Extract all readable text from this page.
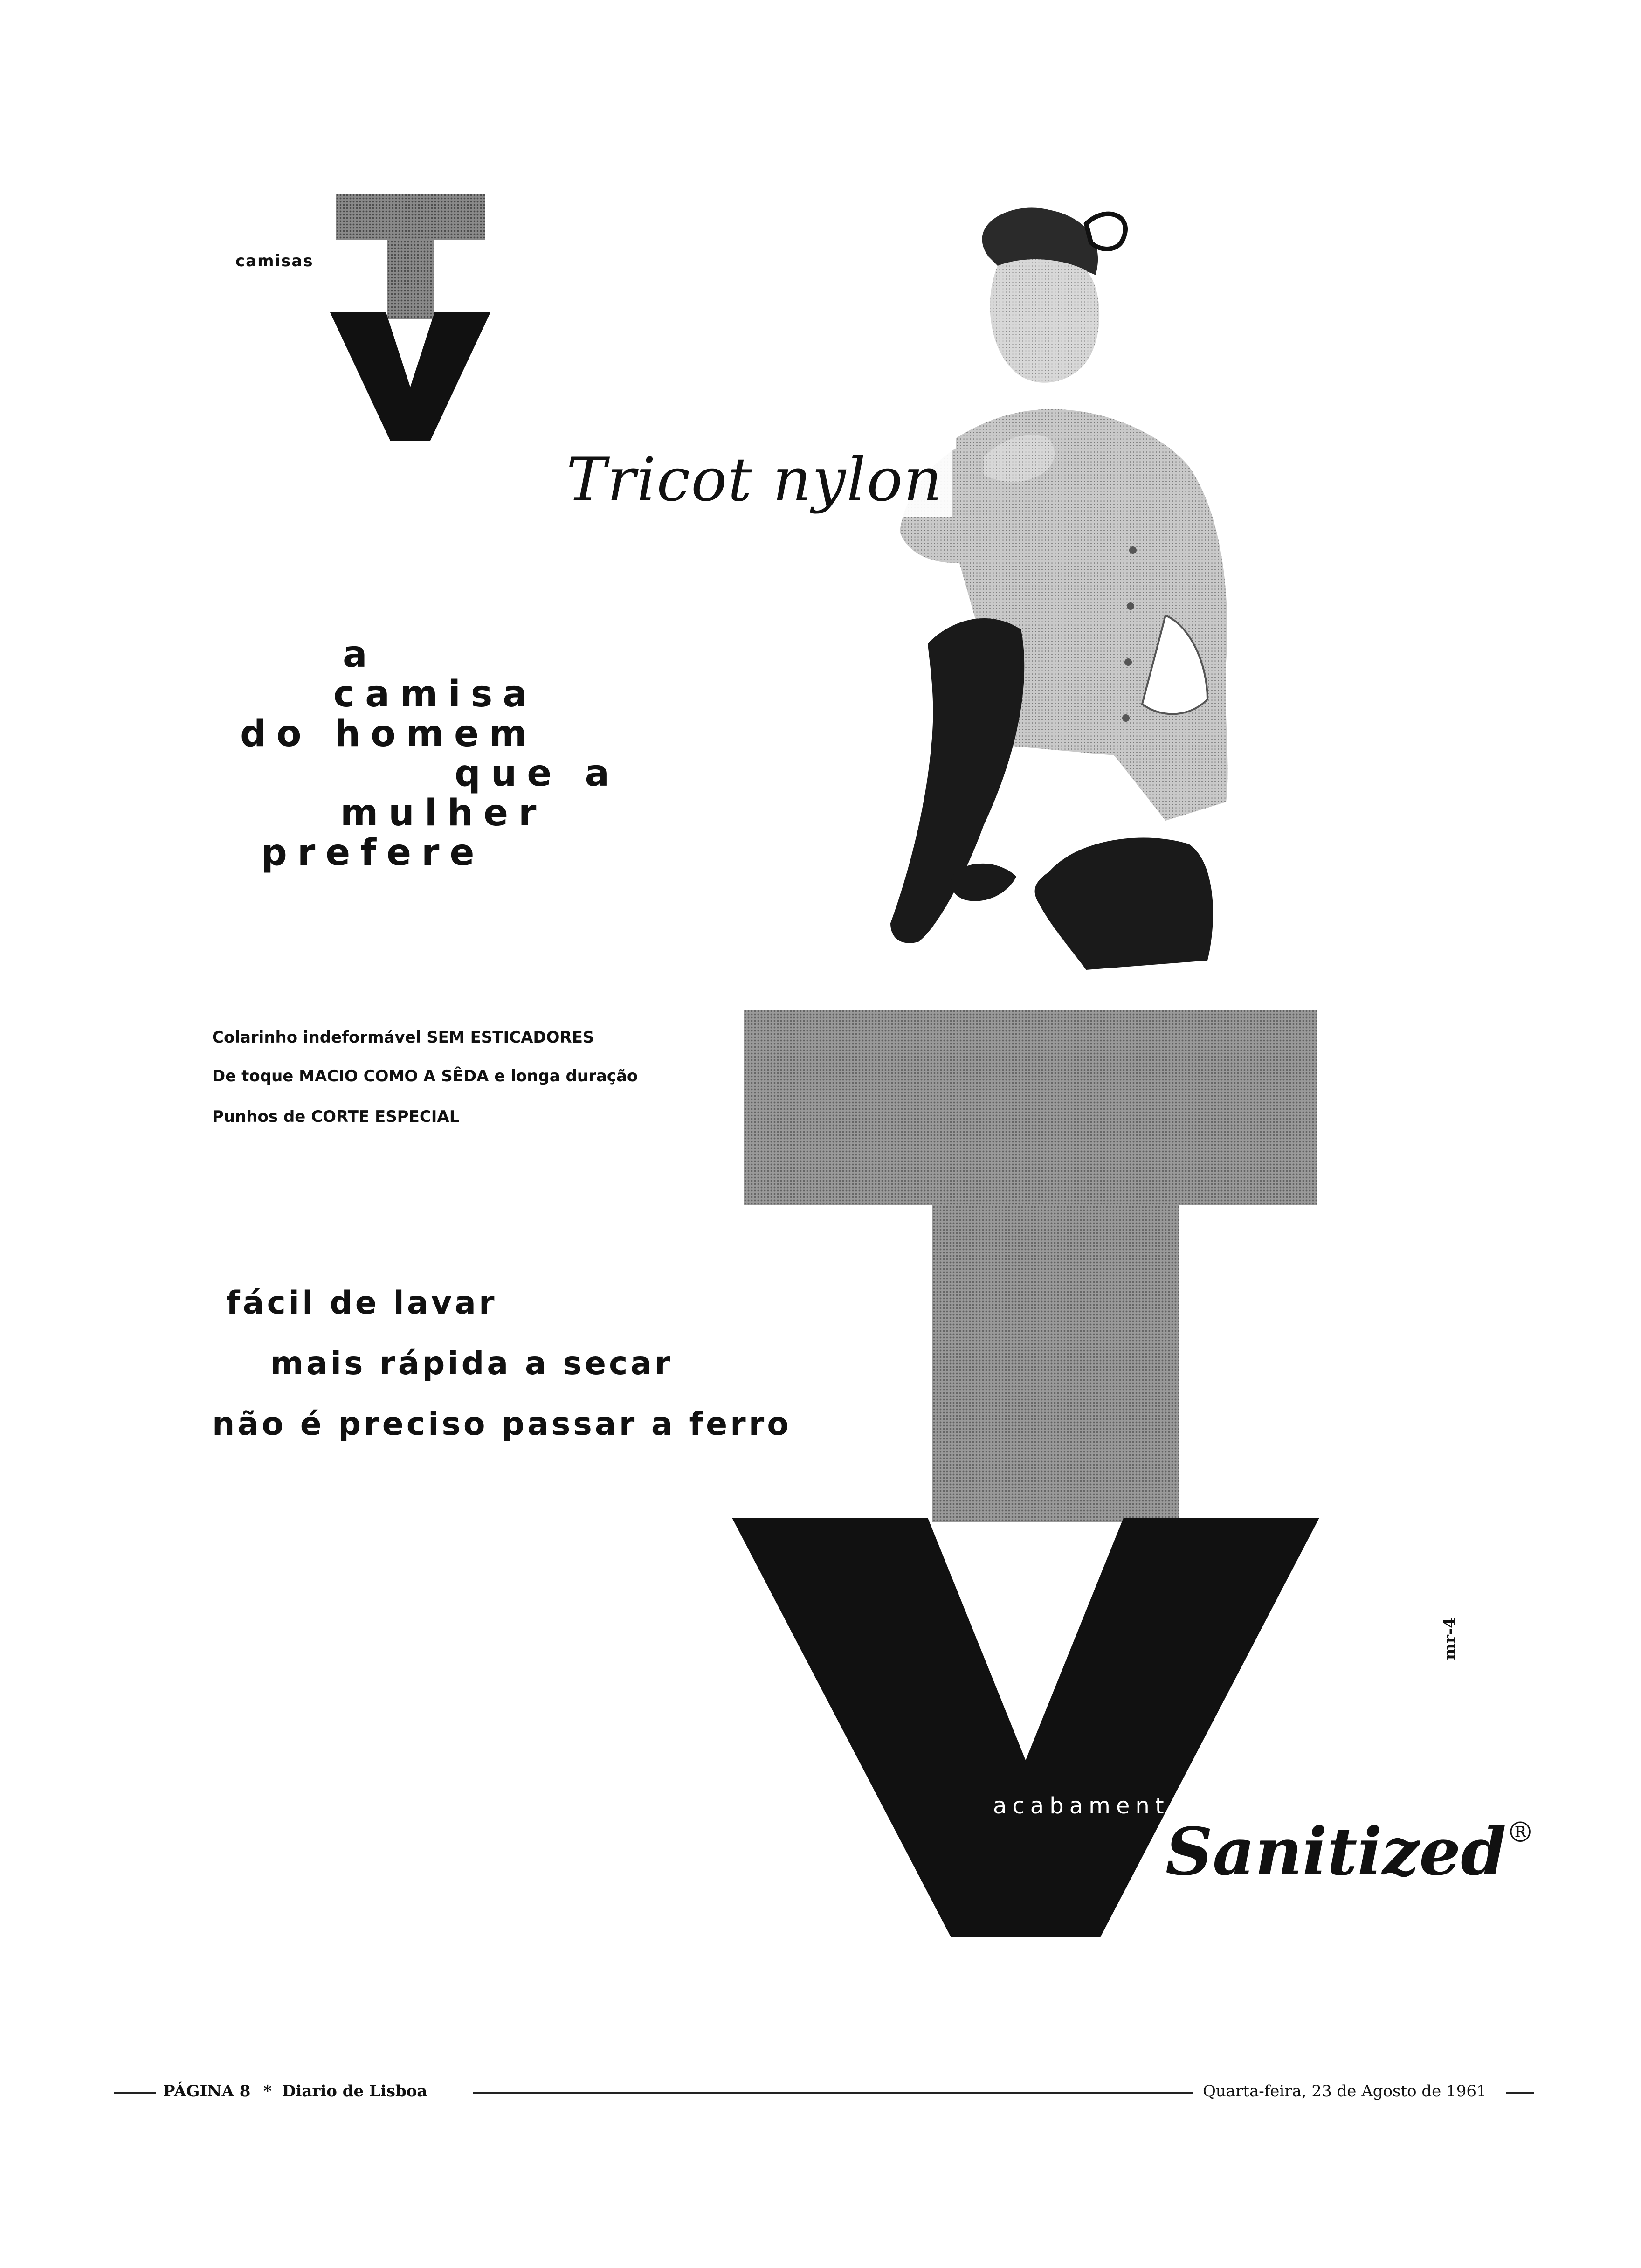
camisas
a
camisa
do homem
que a
mulher
prefere
Tricot nylon
Colarinho indeformável SEM ESTICADORES
De toque MACIO COMO A SÊDA e longa duração
Punhos de CORTE ESPECIAL
fácil de lavar
mais rápida a secar
não é preciso passar a ferro
acabamento
Sanitized®
mr-4
PÁGINA 8 * Diario de Lisboa	Quarta-feira, 23 de Agosto de 1961
